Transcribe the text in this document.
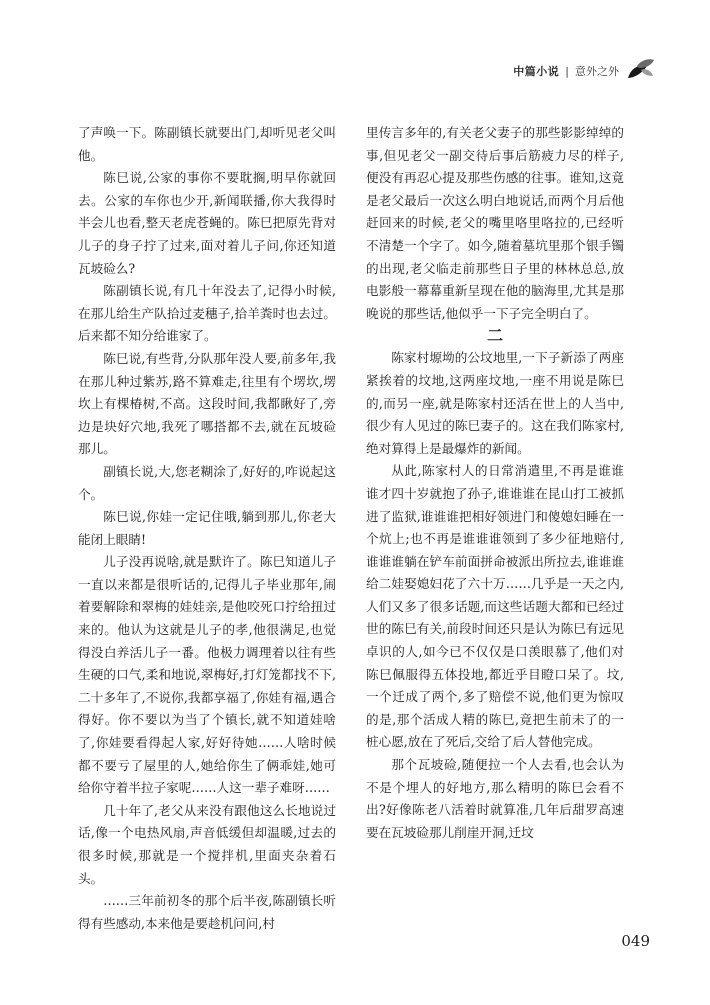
中篇小说 | 意外之外

了声唤一下。陈副镇长就要出门,却听见老父叫他。

陈巳说,公家的事你不要耽搁,明早你就回去。公家的车你也少开,新闻联播,你大我得时半会儿也看,整天老虎苍蝇的。陈巳把原先背对儿子的身子拧了过来,面对着儿子问,你还知道瓦坡硷么?

陈副镇长说,有几十年没去了,记得小时候,在那儿给生产队拾过麦穗子,拾羊粪时也去过。后来都不知分给谁家了。

陈巳说,有些背,分队那年没人要,前多年,我在那儿种过紫苏,路不算难走,往里有个塄坎,塄坎上有棵椿树,不高。这段时间,我都瞅好了,旁边是块好穴地,我死了哪搭都不去,就在瓦坡硷那儿。

副镇长说,大,您老糊涂了,好好的,咋说起这个。

陈巳说,你娃一定记住哦,躺到那儿,你老大能闭上眼睛!

儿子没再说啥,就是默许了。陈巳知道儿子一直以来都是很听话的,记得儿子毕业那年,闹着要解除和翠梅的娃娃亲,是他咬死口拧给扭过来的。他认为这就是儿子的孝,他很满足,也觉得没白养活儿子一番。他极力调理着以往有些生硬的口气,柔和地说,翠梅好,打灯笼都找不下,二十多年了,不说你,我都享福了,你娃有福,遇合得好。你不要以为当了个镇长,就不知道娃啥了,你娃要看得起人家,好好待她……人啥时候都不要亏了屋里的人,她给你生了俩乖娃,她可给你守着半拉子家呢……人这一辈子难呀……

几十年了,老父从来没有跟他这么长地说过话,像一个电热风扇,声音低缓但却温暖,过去的很多时候,那就是一个搅拌机,里面夹杂着石头。

……三年前初冬的那个后半夜,陈副镇长听得有些感动,本来他是要趁机问问,村

里传言多年的,有关老父妻子的那些影影绰绰的事,但见老父一副交待后事后筋疲力尽的样子,便没有再忍心提及那些伤感的往事。谁知,这竟是老父最后一次这么明白地说话,而两个月后他赶回来的时候,老父的嘴里咯里咯拉的,已经听不清楚一个字了。如今,随着墓坑里那个银手镯的出现,老父临走前那些日子里的林林总总,放电影般一幕幕重新呈现在他的脑海里,尤其是那晚说的那些话,他似乎一下子完全明白了。

二

陈家村塬坳的公坟地里,一下子新添了两座紧挨着的坟地,这两座坟地,一座不用说是陈巳的,而另一座,就是陈家村还活在世上的人当中,很少有人见过的陈巳妻子的。这在我们陈家村,绝对算得上是最爆炸的新闻。

从此,陈家村人的日常消遣里,不再是谁谁谁才四十岁就抱了孙子,谁谁谁在昆山打工被抓进了监狱,谁谁谁把相好领进门和傻媳妇睡在一个炕上;也不再是谁谁谁领到了多少征地赔付,谁谁谁躺在铲车前面拼命被派出所拉去,谁谁谁给二娃娶媳妇花了六十万……几乎是一天之内,人们又多了很多话题,而这些话题大都和已经过世的陈巳有关,前段时间还只是认为陈巳有远见卓识的人,如今已不仅仅是口羡眼慕了,他们对陈巳佩服得五体投地,都近乎目瞪口呆了。坟,一个迁成了两个,多了赔偿不说,他们更为惊叹的是,那个活成人精的陈巳,竟把生前未了的一桩心愿,放在了死后,交给了后人替他完成。

那个瓦坡硷,随便拉一个人去看,也会认为不是个埋人的好地方,那么精明的陈巳会看不出?好像陈老八活着时就算准,几年后甜罗高速要在瓦坡硷那儿削崖开洞,迁坟

049
